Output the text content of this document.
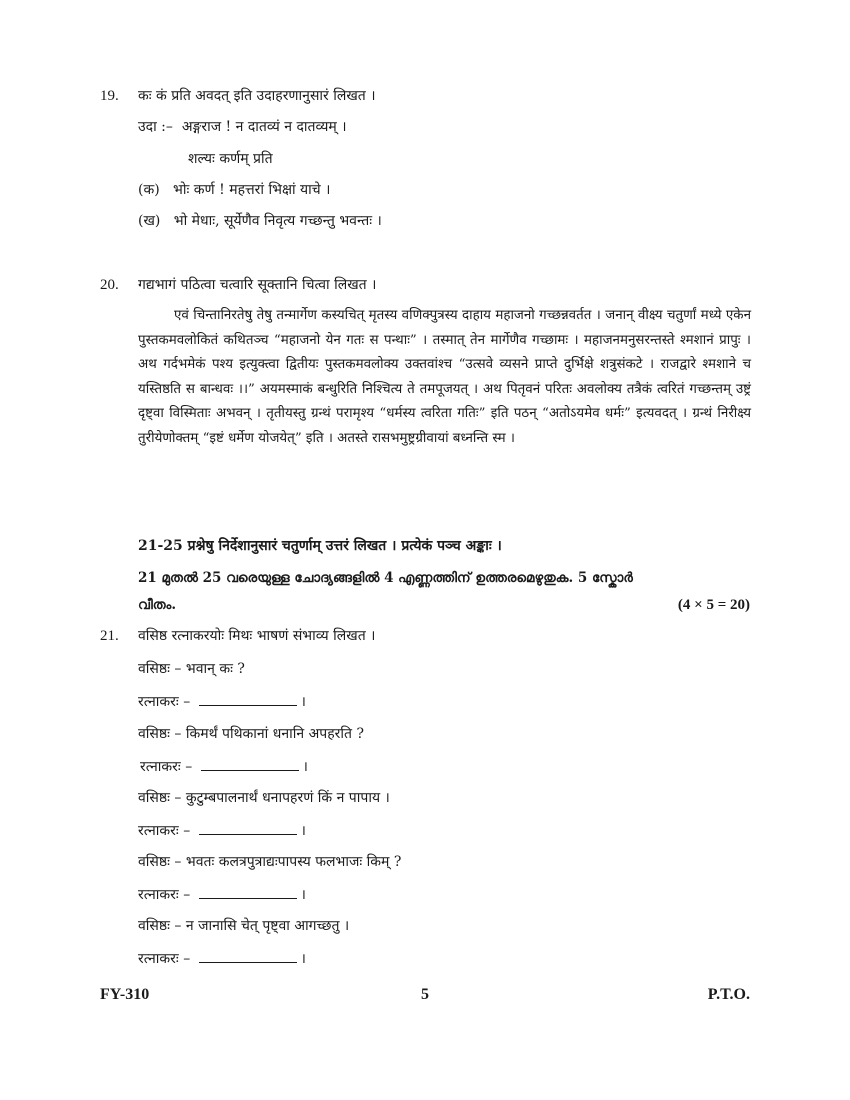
19. कः कं प्रति अवदत् इति उदाहरणानुसारं लिखत ।
उदा :– अङ्गराज ! न दातव्यं न दातव्यम् ।
शल्यः कर्णम् प्रति
(क) भोः कर्ण ! महत्तरां भिक्षां याचे ।
(ख) भो मेधाः, सूर्येणैव निवृत्य गच्छन्तु भवन्तः ।
20. गद्यभागं पठित्वा चत्वारि सूक्तानि चित्वा लिखत ।
एवं चिन्तानिरतेषु तेषु तन्मार्गेण कस्यचित् मृतस्य वणिक्पुत्रस्य दाहाय महाजनो गच्छन्नवर्तत । जनान् वीक्ष्य चतुर्णां मध्ये एकेन पुस्तकमवलोकितं कथितञ्च “महाजनो येन गतः स पन्थाः” । तस्मात् तेन मार्गेणैव गच्छामः । महाजनमनुसरन्तस्ते श्मशानं प्रापुः । अथ गर्दभमेकं पश्य इत्युक्त्वा द्वितीयः पुस्तकमवलोक्य उक्तवांश्च “उत्सवे व्यसने प्राप्ते दुर्भिक्षे शत्रुसंकटे । राजद्वारे श्मशाने च यस्तिष्ठति स बान्धवः ।।” अयमस्माकं बन्धुरिति निश्चित्य ते तमपूजयत् । अथ पितृवनं परितः अवलोक्य तत्रैकं त्वरितं गच्छन्तम् उष्ट्रं दृष्ट्वा विस्मिताः अभवन् । तृतीयस्तु ग्रन्थं परामृश्य “धर्मस्य त्वरिता गतिः” इति पठन् “अतोऽयमेव धर्मः” इत्यवदत् । ग्रन्थं निरीक्ष्य तुरीयेणोक्तम् “इष्टं धर्मेण योजयेत्” इति । अतस्ते रासभमुष्ट्रग्रीवायां बध्नन्ति स्म ।
21-25 प्रश्नेषु निर्देशानुसारं चतुर्णाम् उत्तरं लिखत । प्रत्येकं पञ्च अङ्काः ।
21 മുതൽ 25 വരെയുള്ള ചോദ്യങ്ങളിൽ 4 എണ്ണത്തിന് ഉത്തരമെഴുതുക. 5 സ്കോർ
വീതം.	(4 × 5 = 20)
21. वसिष्ठ रत्नाकरयोः मिथः भाषणं संभाव्य लिखत ।
वसिष्ठः – भवान् कः ?
रत्नाकरः –	।
वसिष्ठः – किमर्थं पथिकानां धनानि अपहरति ?
रत्नाकरः –	।
वसिष्ठः – कुटुम्बपालनार्थं धनापहरणं किं न पापाय ।
रत्नाकरः –	।
वसिष्ठः – भवतः कलत्रपुत्राद्यःपापस्य फलभाजः किम् ?
रत्नाकरः –	।
वसिष्ठः – न जानासि चेत् पृष्ट्वा आगच्छतु ।
रत्नाकरः –	।
FY-310	5	P.T.O.
